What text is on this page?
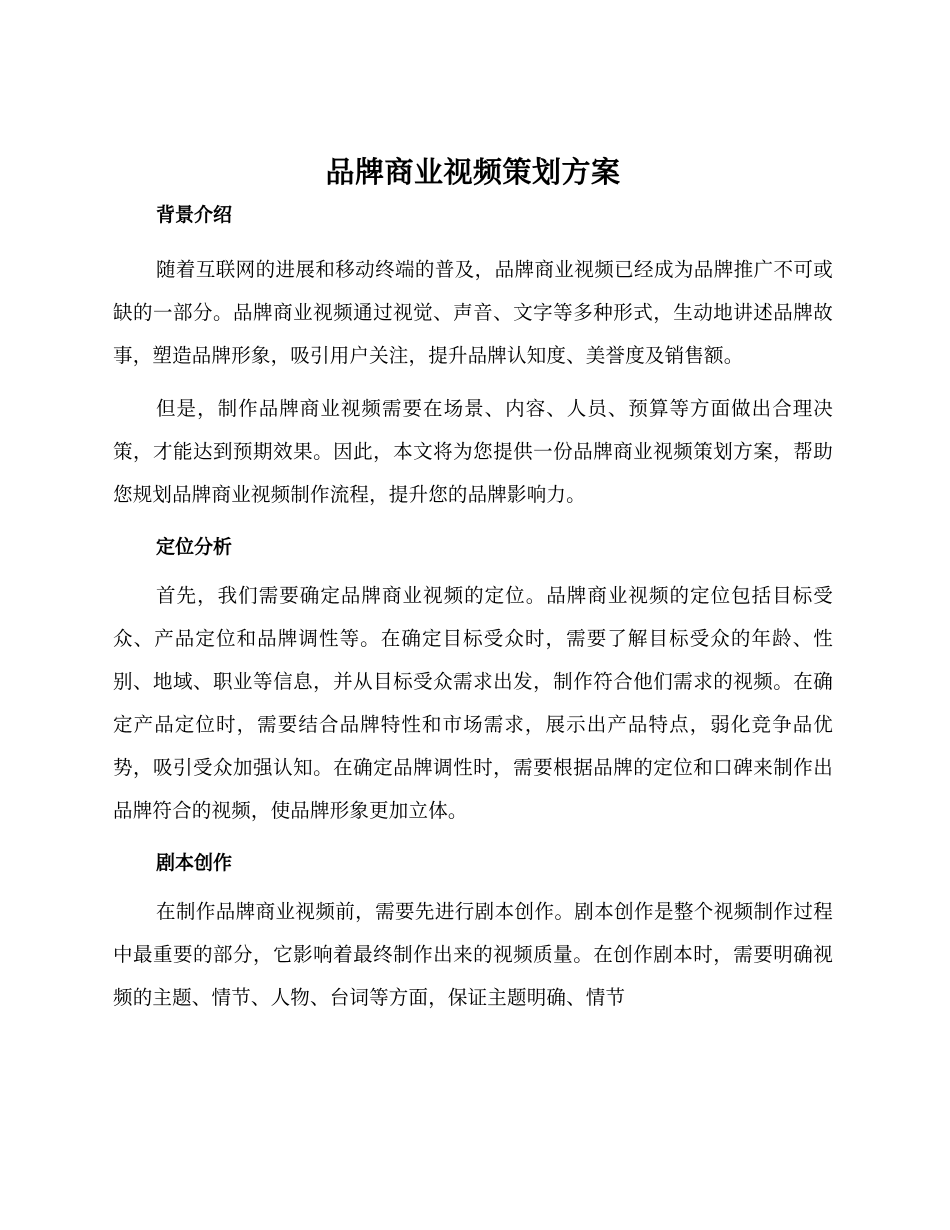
品牌商业视频策划方案
背景介绍

随着互联网的进展和移动终端的普及，品牌商业视频已经成为品牌推广不可或缺的一部分。品牌商业视频通过视觉、声音、文字等多种形式，生动地讲述品牌故事，塑造品牌形象，吸引用户关注，提升品牌认知度、美誉度及销售额。

但是，制作品牌商业视频需要在场景、内容、人员、预算等方面做出合理决策，才能达到预期效果。因此，本文将为您提供一份品牌商业视频策划方案，帮助您规划品牌商业视频制作流程，提升您的品牌影响力。

定位分析

首先，我们需要确定品牌商业视频的定位。品牌商业视频的定位包括目标受众、产品定位和品牌调性等。在确定目标受众时，需要了解目标受众的年龄、性别、地域、职业等信息，并从目标受众需求出发，制作符合他们需求的视频。在确定产品定位时，需要结合品牌特性和市场需求，展示出产品特点，弱化竞争品优势，吸引受众加强认知。在确定品牌调性时，需要根据品牌的定位和口碑来制作出品牌符合的视频，使品牌形象更加立体。

剧本创作

在制作品牌商业视频前，需要先进行剧本创作。剧本创作是整个视频制作过程中最重要的部分，它影响着最终制作出来的视频质量。在创作剧本时，需要明确视频的主题、情节、人物、台词等方面，保证主题明确、情节
